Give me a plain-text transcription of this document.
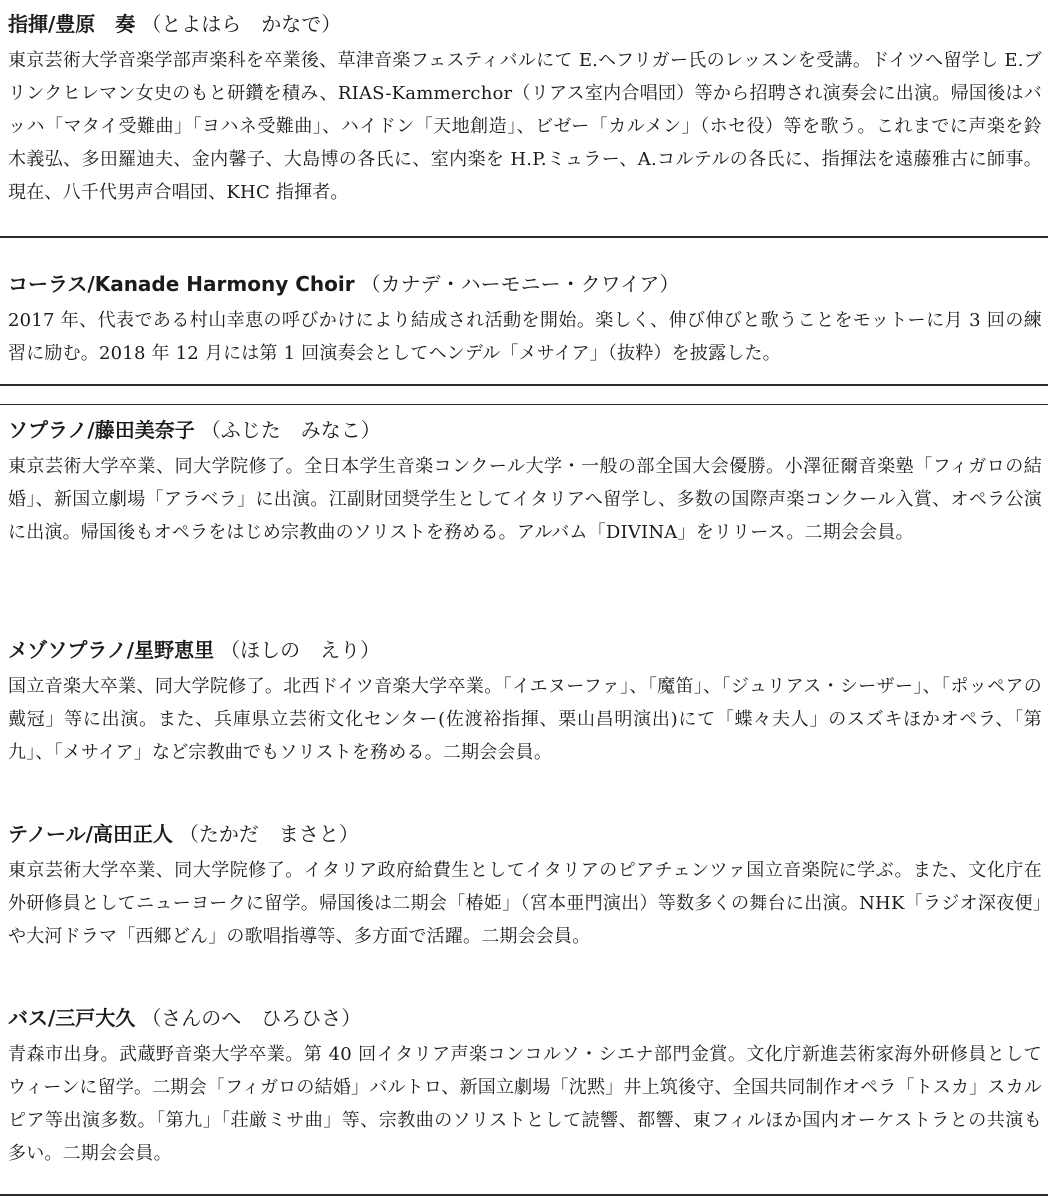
指揮/豊原　奏 （とよはら　かなで）
東京芸術大学音楽学部声楽科を卒業後、草津音楽フェスティバルにて E.ヘフリガー氏のレッスンを受講。ドイツへ留学し E.ブリンクヒレマン女史のもと研鑽を積み、RIAS-Kammerchor（リアス室内合唱団）等から招聘され演奏会に出演。帰国後はバッハ「マタイ受難曲」「ヨハネ受難曲」、ハイドン「天地創造」、ビゼー「カルメン」（ホセ役）等を歌う。これまでに声楽を鈴木義弘、多田羅迪夫、金内馨子、大島博の各氏に、室内楽を H.P.ミュラー、A.コルテルの各氏に、指揮法を遠藤雅古に師事。現在、八千代男声合唱団、KHC 指揮者。
コーラス/Kanade Harmony Choir （カナデ・ハーモニー・クワイア）
2017 年、代表である村山幸恵の呼びかけにより結成され活動を開始。楽しく、伸び伸びと歌うことをモットーに月 3 回の練習に励む。2018 年 12 月には第 1 回演奏会としてヘンデル「メサイア」（抜粋）を披露した。
ソプラノ/藤田美奈子 （ふじた　みなこ）
東京芸術大学卒業、同大学院修了。全日本学生音楽コンクール大学・一般の部全国大会優勝。小澤征爾音楽塾「フィガロの結婚」、新国立劇場「アラベラ」に出演。江副財団奨学生としてイタリアへ留学し、多数の国際声楽コンクール入賞、オペラ公演に出演。帰国後もオペラをはじめ宗教曲のソリストを務める。アルバム「DIVINA」をリリース。二期会会員。
メゾソプラノ/星野恵里 （ほしの　えり）
国立音楽大卒業、同大学院修了。北西ドイツ音楽大学卒業。「イエヌーファ」、「魔笛」、「ジュリアス・シーザー」、「ポッペアの戴冠」等に出演。また、兵庫県立芸術文化センター(佐渡裕指揮、栗山昌明演出)にて「蝶々夫人」のスズキほかオペラ、「第九」、「メサイア」など宗教曲でもソリストを務める。二期会会員。
テノール/高田正人 （たかだ　まさと）
東京芸術大学卒業、同大学院修了。イタリア政府給費生としてイタリアのピアチェンツァ国立音楽院に学ぶ。また、文化庁在外研修員としてニューヨークに留学。帰国後は二期会「椿姫」（宮本亜門演出）等数多くの舞台に出演。NHK「ラジオ深夜便」や大河ドラマ「西郷どん」の歌唱指導等、多方面で活躍。二期会会員。
バス/三戸大久 （さんのへ　ひろひさ）
青森市出身。武蔵野音楽大学卒業。第 40 回イタリア声楽コンコルソ・シエナ部門金賞。文化庁新進芸術家海外研修員としてウィーンに留学。二期会「フィガロの結婚」バルトロ、新国立劇場「沈黙」井上筑後守、全国共同制作オペラ「トスカ」スカルピア等出演多数。「第九」「荘厳ミサ曲」等、宗教曲のソリストとして読響、都響、東フィルほか国内オーケストラとの共演も多い。二期会会員。
